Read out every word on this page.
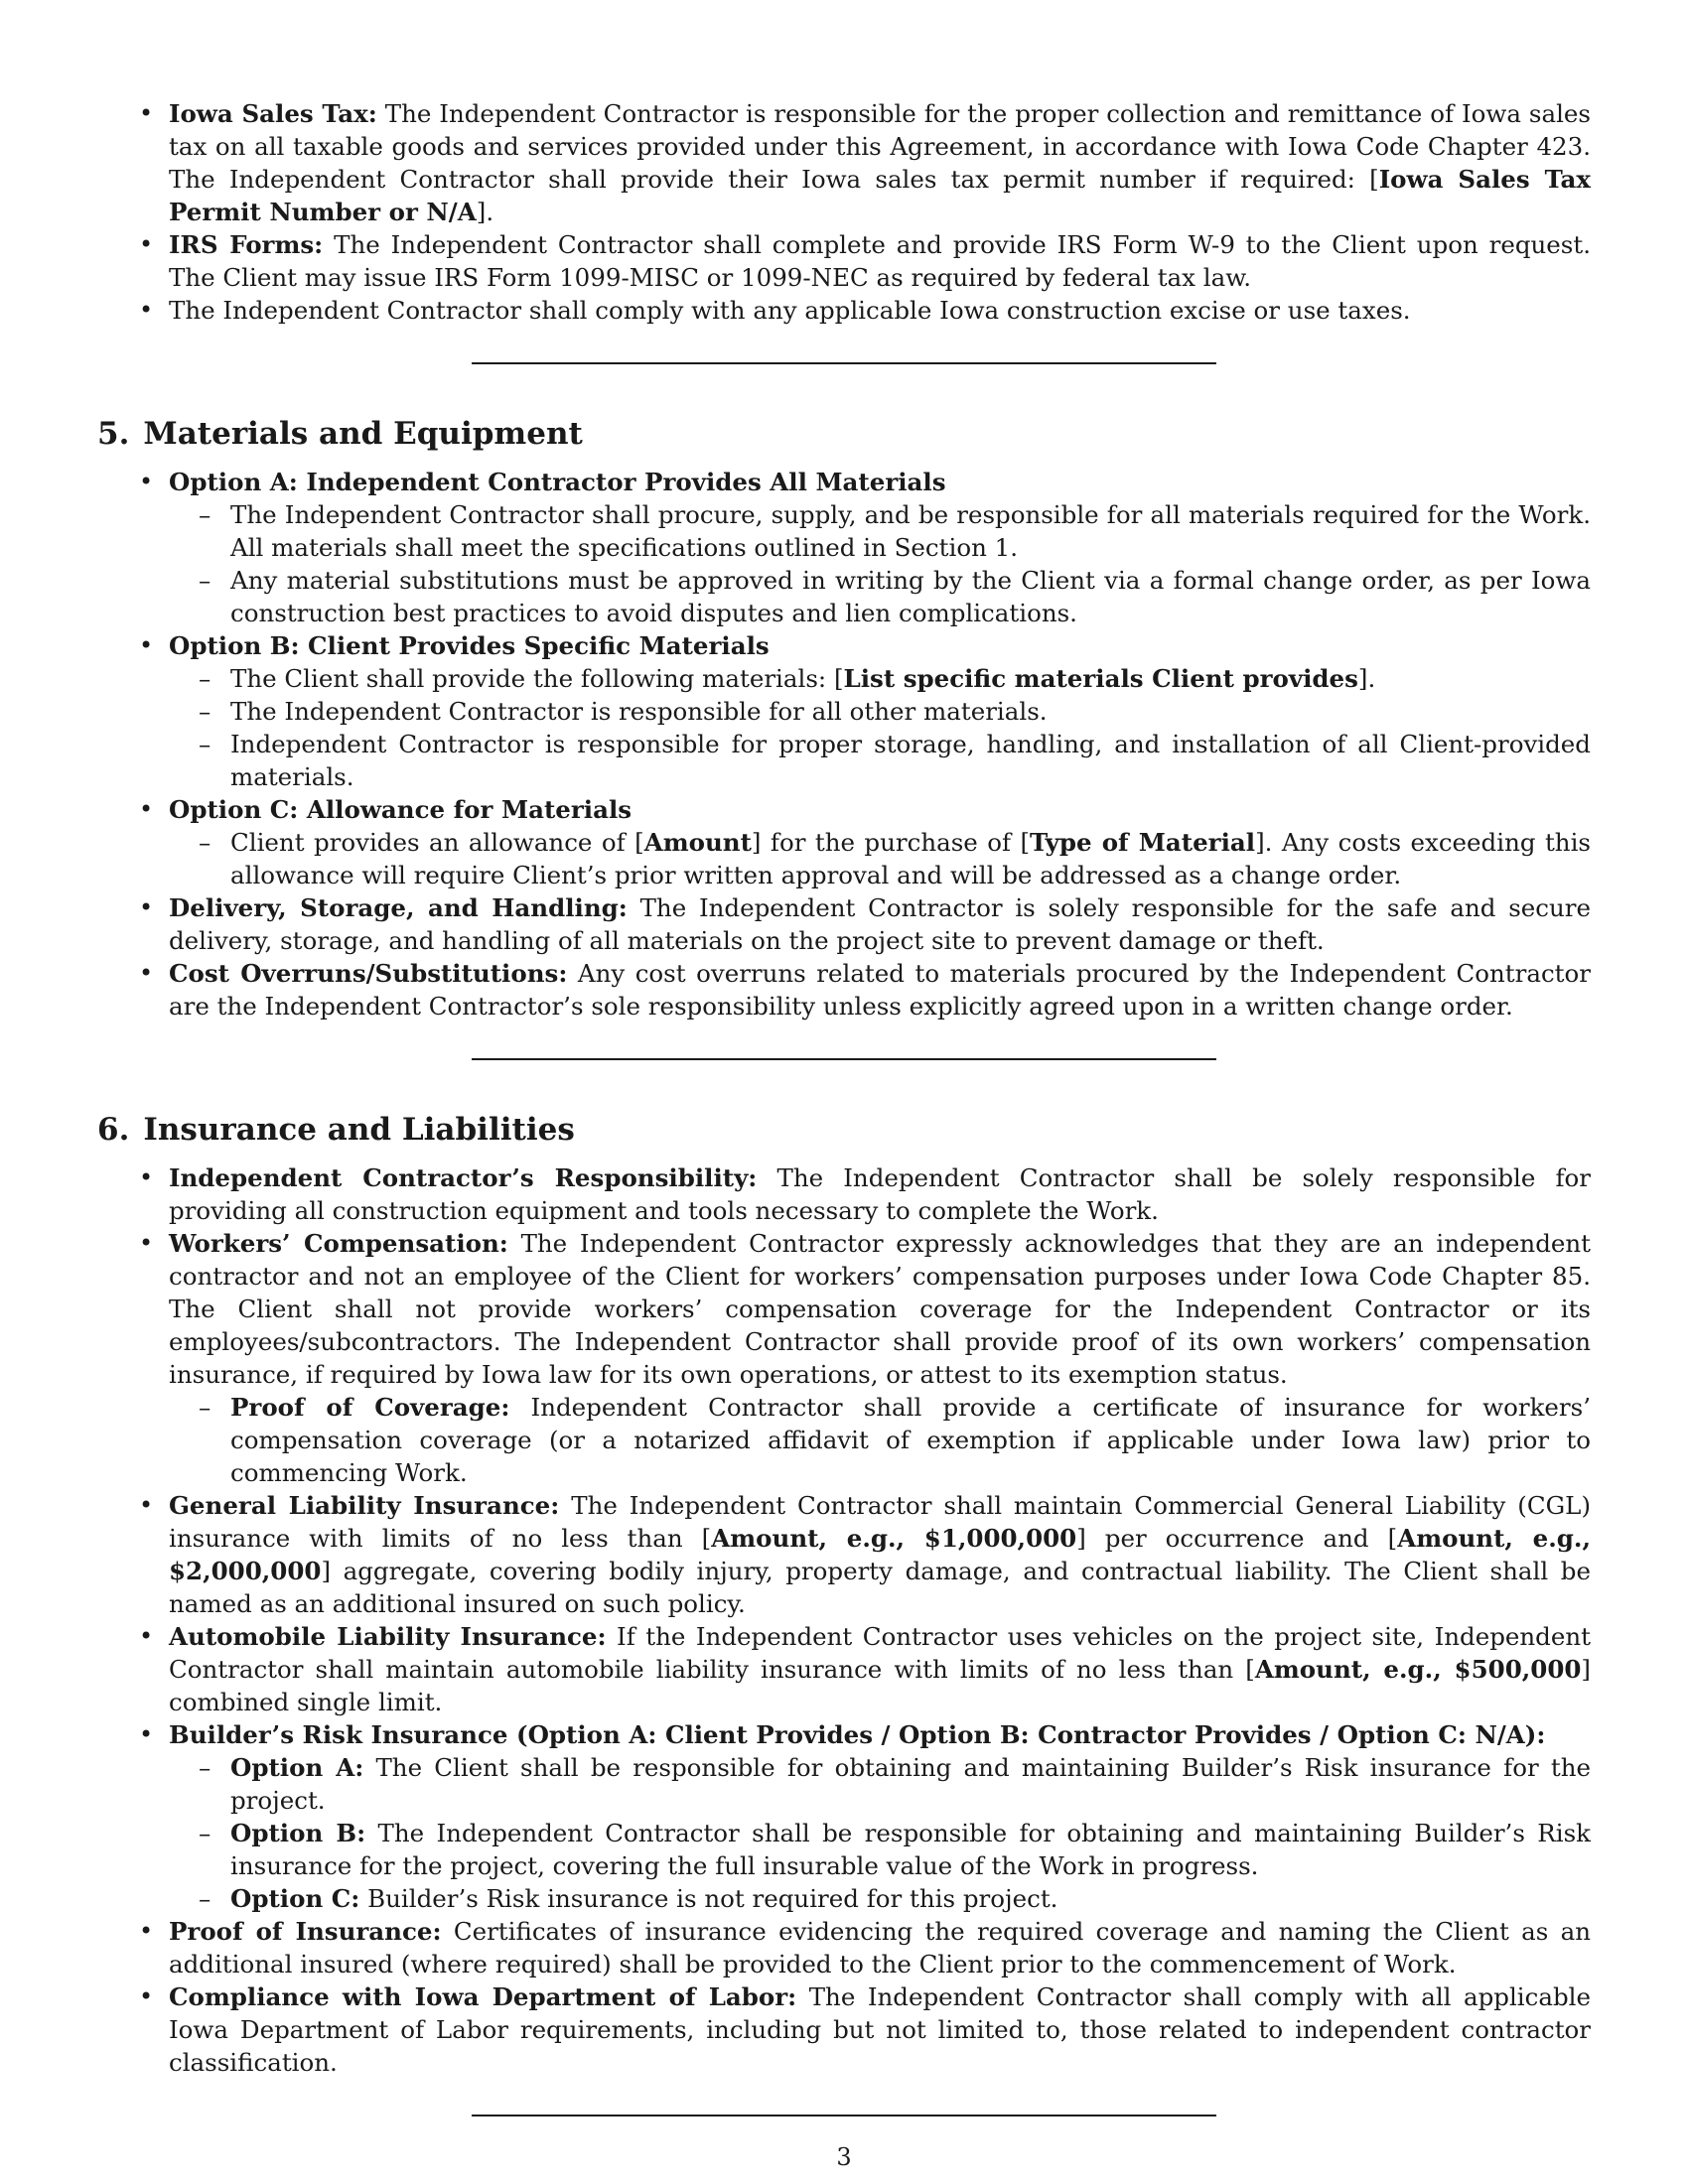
• Iowa Sales Tax: The Independent Contractor is responsible for the proper collection and remittance of Iowa sales tax on all taxable goods and services provided under this Agreement, in accordance with Iowa Code Chapter 423. The Independent Contractor shall provide their Iowa sales tax permit number if required: [Iowa Sales Tax Permit Number or N/A].
• IRS Forms: The Independent Contractor shall complete and provide IRS Form W-9 to the Client upon request. The Client may issue IRS Form 1099-MISC or 1099-NEC as required by federal tax law.
• The Independent Contractor shall comply with any applicable Iowa construction excise or use taxes.
5. Materials and Equipment
• Option A: Independent Contractor Provides All Materials
– The Independent Contractor shall procure, supply, and be responsible for all materials required for the Work. All materials shall meet the specifications outlined in Section 1.
– Any material substitutions must be approved in writing by the Client via a formal change order, as per Iowa construction best practices to avoid disputes and lien complications.
• Option B: Client Provides Specific Materials
– The Client shall provide the following materials: [List specific materials Client provides].
– The Independent Contractor is responsible for all other materials.
– Independent Contractor is responsible for proper storage, handling, and installation of all Client-provided materials.
• Option C: Allowance for Materials
– Client provides an allowance of [Amount] for the purchase of [Type of Material]. Any costs exceeding this allowance will require Client’s prior written approval and will be addressed as a change order.
• Delivery, Storage, and Handling: The Independent Contractor is solely responsible for the safe and secure delivery, storage, and handling of all materials on the project site to prevent damage or theft.
• Cost Overruns/Substitutions: Any cost overruns related to materials procured by the Independent Contractor are the Independent Contractor’s sole responsibility unless explicitly agreed upon in a written change order.
6. Insurance and Liabilities
• Independent Contractor’s Responsibility: The Independent Contractor shall be solely responsible for providing all construction equipment and tools necessary to complete the Work.
• Workers’ Compensation: The Independent Contractor expressly acknowledges that they are an independent contractor and not an employee of the Client for workers’ compensation purposes under Iowa Code Chapter 85. The Client shall not provide workers’ compensation coverage for the Independent Contractor or its employees/subcontractors. The Independent Contractor shall provide proof of its own workers’ compensation insurance, if required by Iowa law for its own operations, or attest to its exemption status.
– Proof of Coverage: Independent Contractor shall provide a certificate of insurance for workers’ compensation coverage (or a notarized affidavit of exemption if applicable under Iowa law) prior to commencing Work.
• General Liability Insurance: The Independent Contractor shall maintain Commercial General Liability (CGL) insurance with limits of no less than [Amount, e.g., $1,000,000] per occurrence and [Amount, e.g., $2,000,000] aggregate, covering bodily injury, property damage, and contractual liability. The Client shall be named as an additional insured on such policy.
• Automobile Liability Insurance: If the Independent Contractor uses vehicles on the project site, Independent Contractor shall maintain automobile liability insurance with limits of no less than [Amount, e.g., $500,000] combined single limit.
• Builder’s Risk Insurance (Option A: Client Provides / Option B: Contractor Provides / Option C: N/A):
– Option A: The Client shall be responsible for obtaining and maintaining Builder’s Risk insurance for the project.
– Option B: The Independent Contractor shall be responsible for obtaining and maintaining Builder’s Risk insurance for the project, covering the full insurable value of the Work in progress.
– Option C: Builder’s Risk insurance is not required for this project.
• Proof of Insurance: Certificates of insurance evidencing the required coverage and naming the Client as an additional insured (where required) shall be provided to the Client prior to the commencement of Work.
• Compliance with Iowa Department of Labor: The Independent Contractor shall comply with all applicable Iowa Department of Labor requirements, including but not limited to, those related to independent contractor classification.
3
